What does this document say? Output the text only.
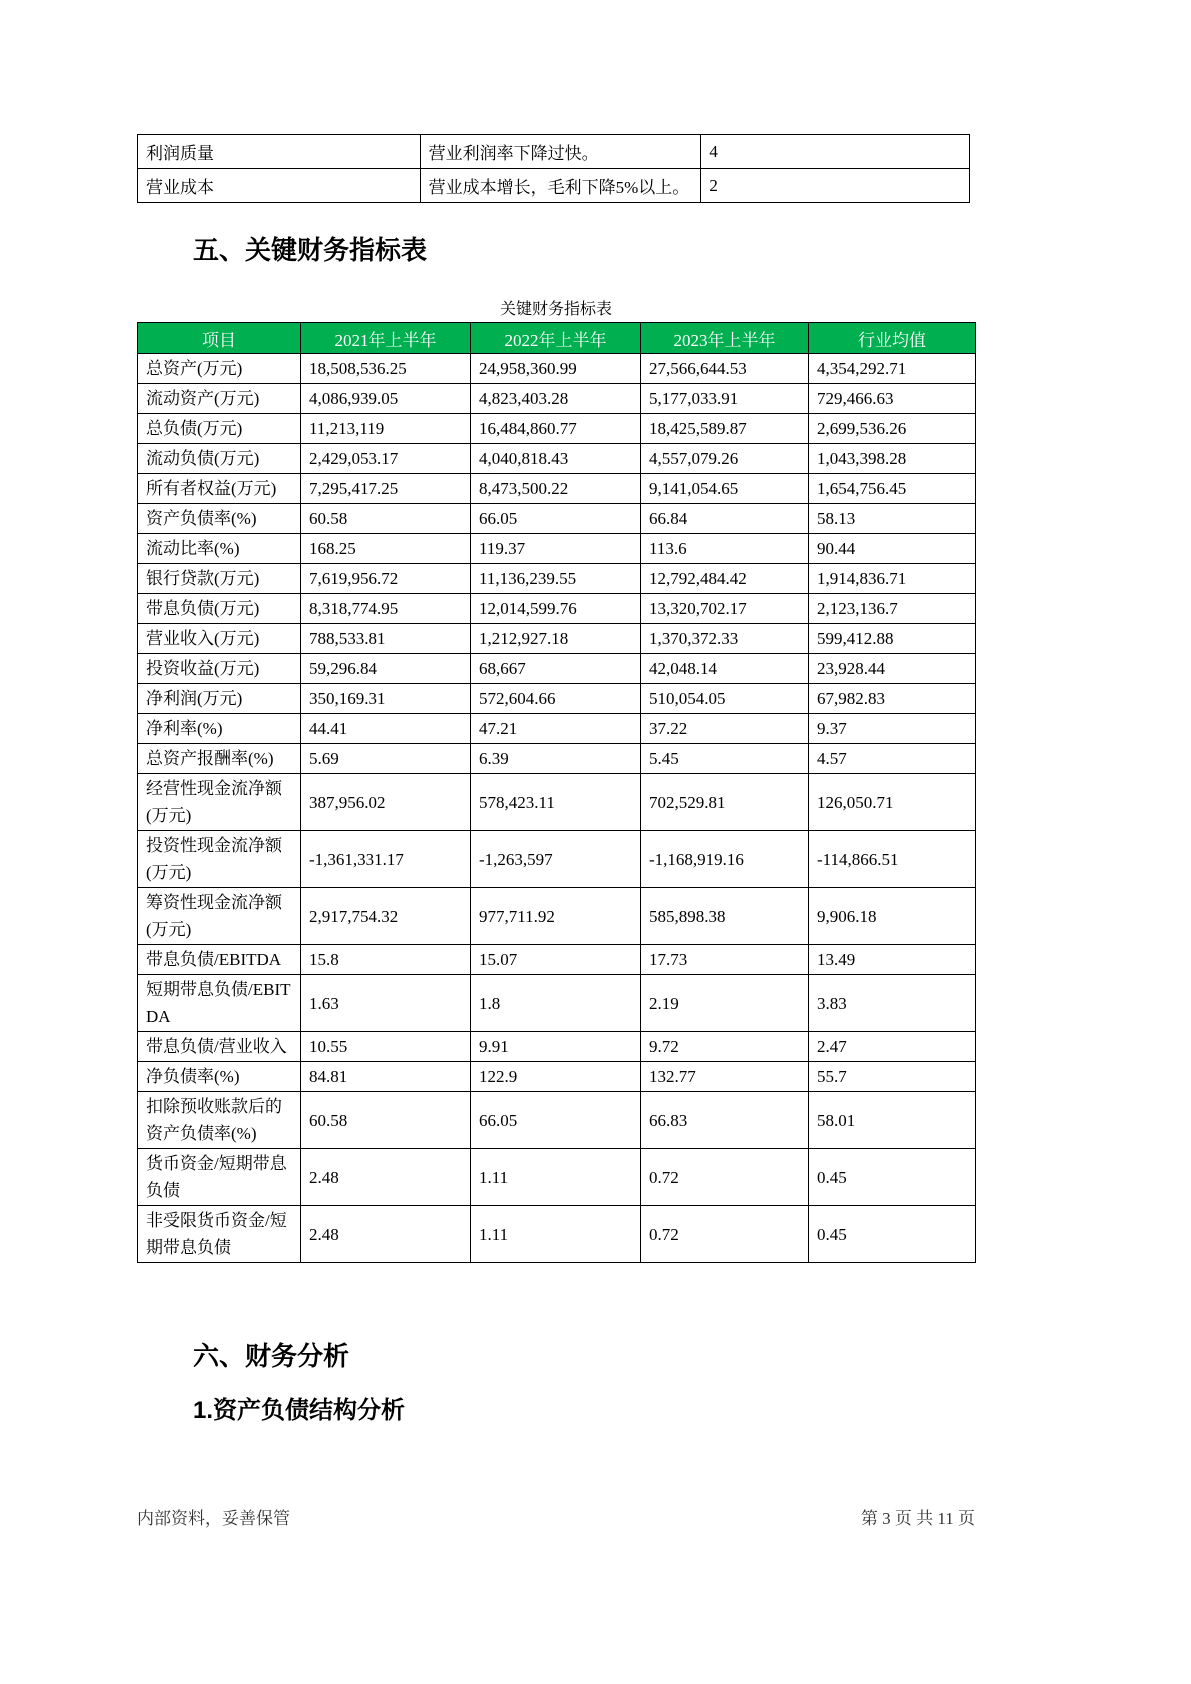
利润质量	营业利润率下降过快。	4
营业成本	营业成本增长，毛利下降5%以上。	2
五、关键财务指标表
关键财务指标表
项目	2021年上半年	2022年上半年	2023年上半年	行业均值
总资产(万元)	18,508,536.25	24,958,360.99	27,566,644.53	4,354,292.71
流动资产(万元)	4,086,939.05	4,823,403.28	5,177,033.91	729,466.63
总负债(万元)	11,213,119	16,484,860.77	18,425,589.87	2,699,536.26
流动负债(万元)	2,429,053.17	4,040,818.43	4,557,079.26	1,043,398.28
所有者权益(万元)	7,295,417.25	8,473,500.22	9,141,054.65	1,654,756.45
资产负债率(%)	60.58	66.05	66.84	58.13
流动比率(%)	168.25	119.37	113.6	90.44
银行贷款(万元)	7,619,956.72	11,136,239.55	12,792,484.42	1,914,836.71
带息负债(万元)	8,318,774.95	12,014,599.76	13,320,702.17	2,123,136.7
营业收入(万元)	788,533.81	1,212,927.18	1,370,372.33	599,412.88
投资收益(万元)	59,296.84	68,667	42,048.14	23,928.44
净利润(万元)	350,169.31	572,604.66	510,054.05	67,982.83
净利率(%)	44.41	47.21	37.22	9.37
总资产报酬率(%)	5.69	6.39	5.45	4.57
经营性现金流净额(万元)	387,956.02	578,423.11	702,529.81	126,050.71
投资性现金流净额(万元)	-1,361,331.17	-1,263,597	-1,168,919.16	-114,866.51
筹资性现金流净额(万元)	2,917,754.32	977,711.92	585,898.38	9,906.18
带息负债/EBITDA	15.8	15.07	17.73	13.49
短期带息负债/EBITDA	1.63	1.8	2.19	3.83
带息负债/营业收入	10.55	9.91	9.72	2.47
净负债率(%)	84.81	122.9	132.77	55.7
扣除预收账款后的资产负债率(%)	60.58	66.05	66.83	58.01
货币资金/短期带息负债	2.48	1.11	0.72	0.45
非受限货币资金/短期带息负债	2.48	1.11	0.72	0.45
六、财务分析
1.资产负债结构分析
内部资料，妥善保管	第 3 页 共 11 页
